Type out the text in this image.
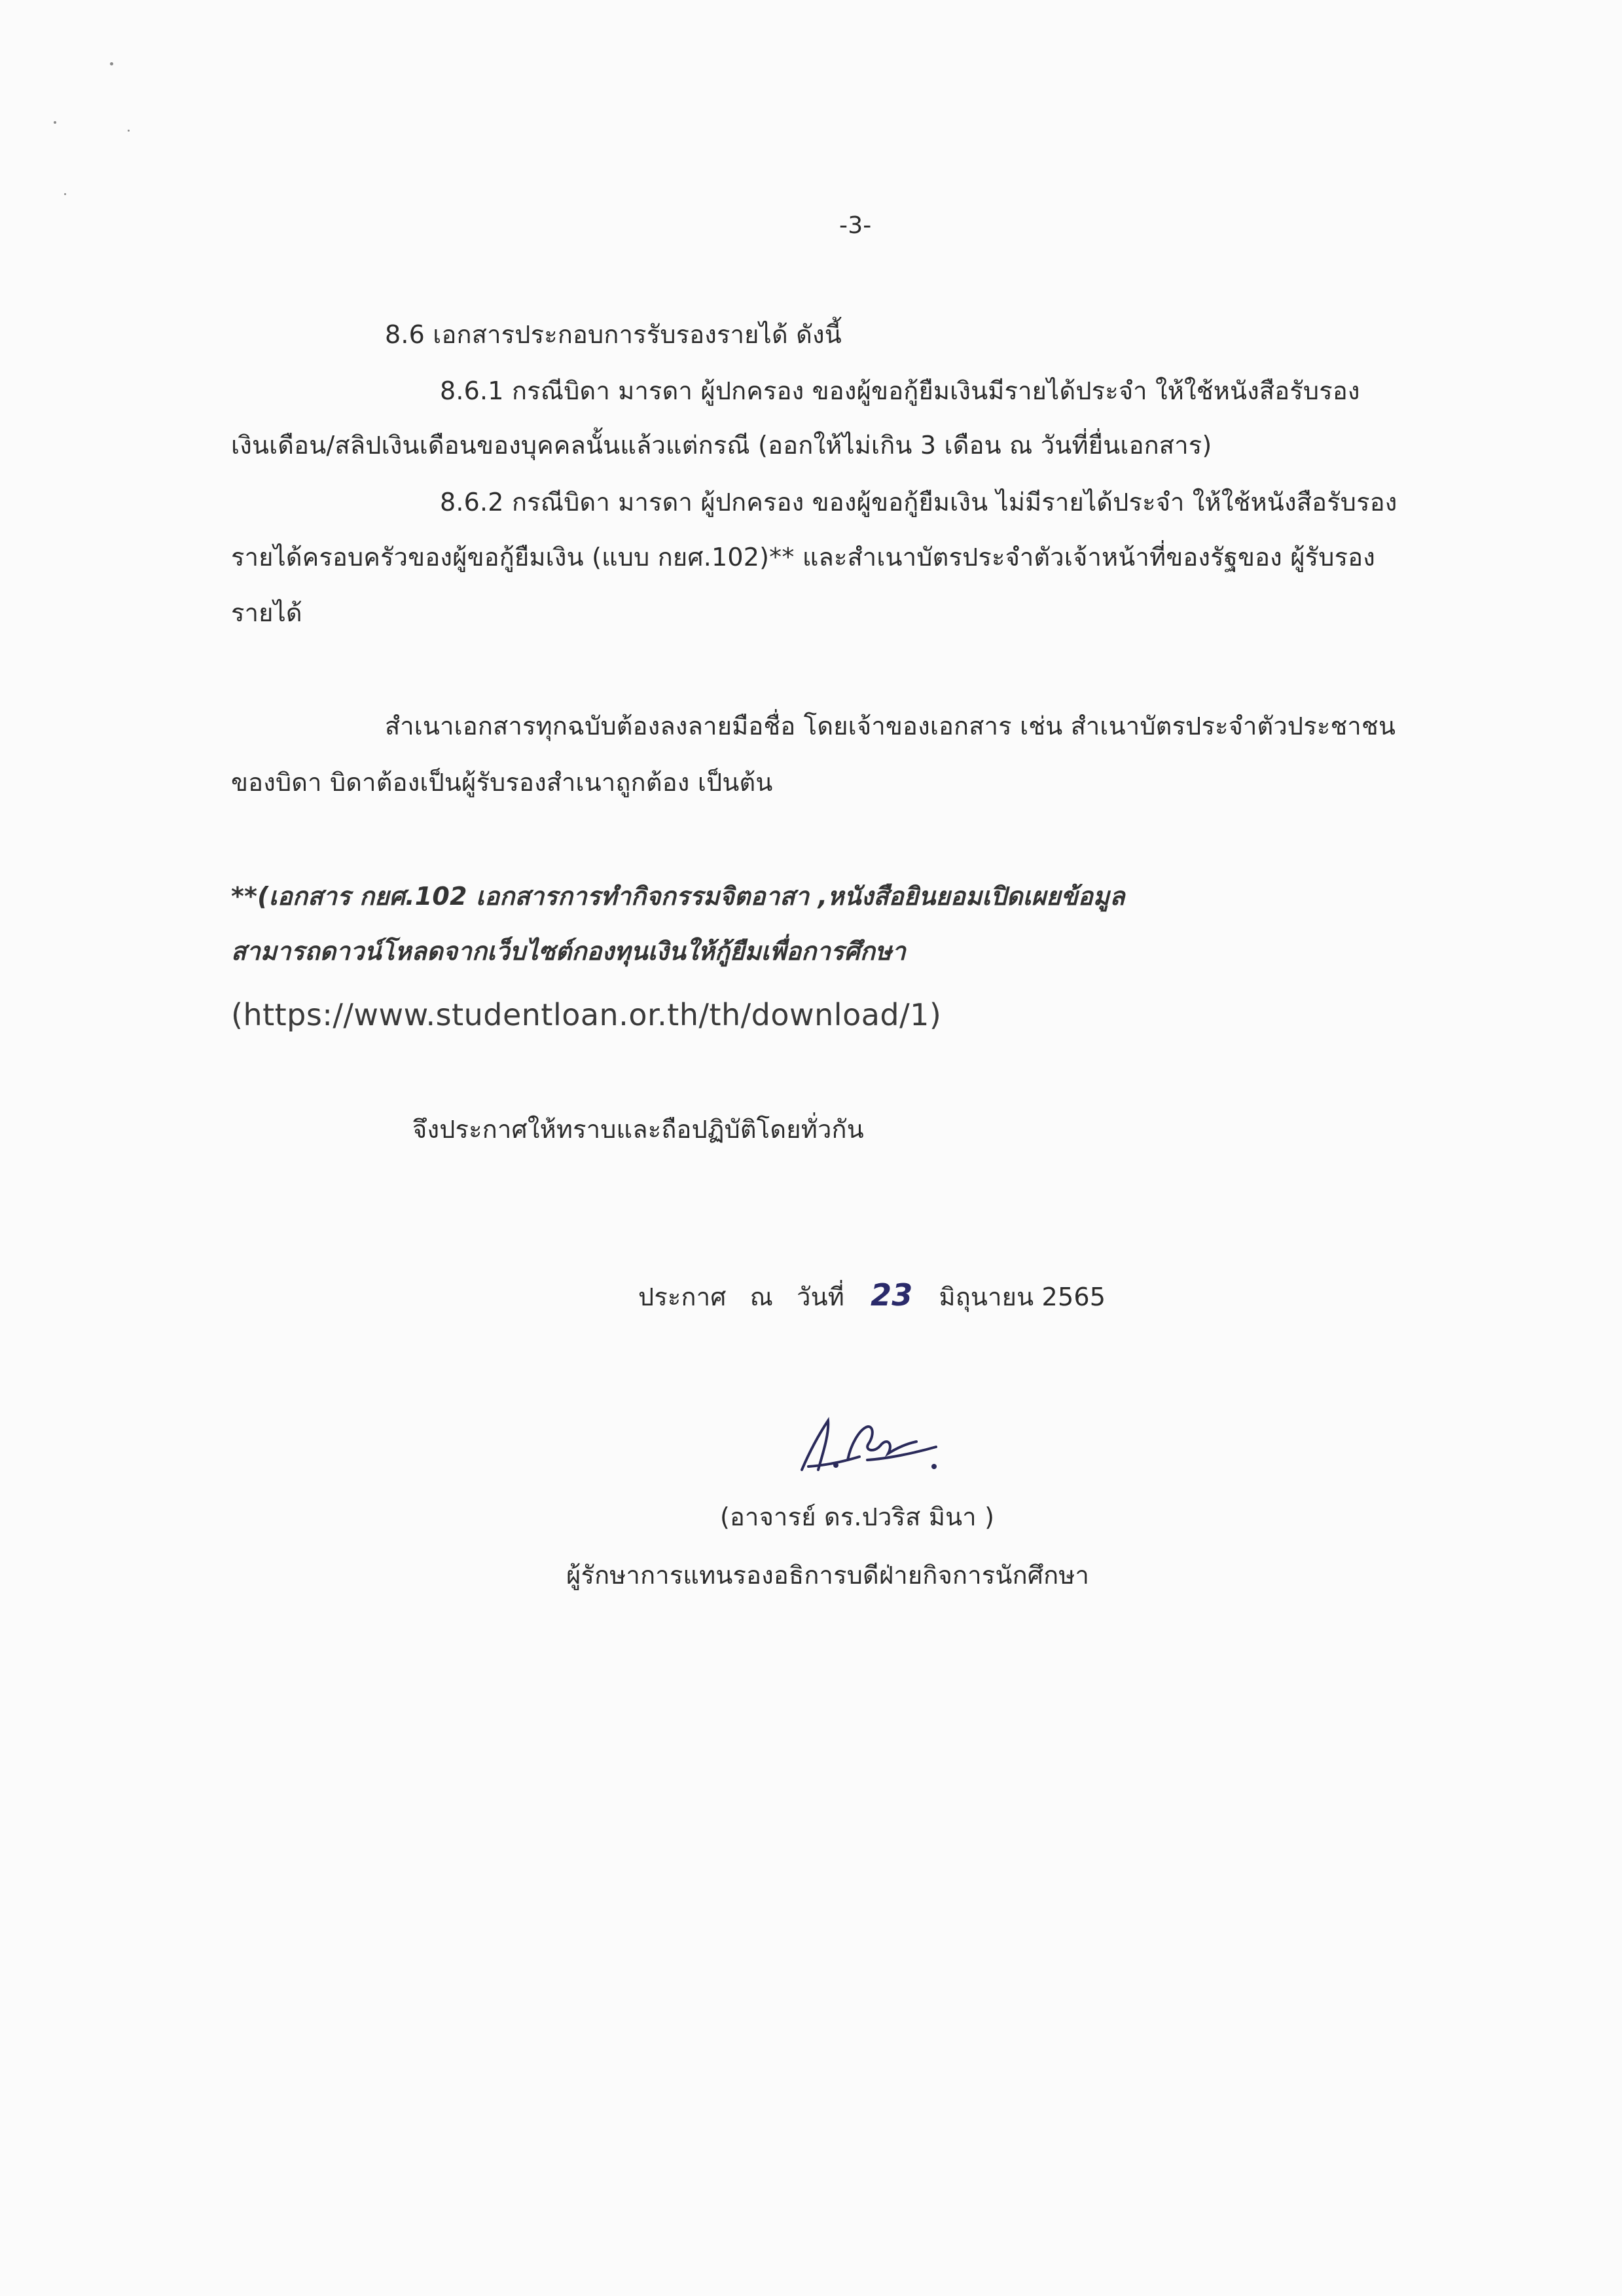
-3-
8.6 เอกสารประกอบการรับรองรายได้ ดังนี้
8.6.1 กรณีบิดา มารดา ผู้ปกครอง ของผู้ขอกู้ยืมเงินมีรายได้ประจำ ให้ใช้หนังสือรับรอง
เงินเดือน/สลิปเงินเดือนของบุคคลนั้นแล้วแต่กรณี (ออกให้ไม่เกิน 3 เดือน ณ วันที่ยื่นเอกสาร)
8.6.2 กรณีบิดา มารดา ผู้ปกครอง ของผู้ขอกู้ยืมเงิน ไม่มีรายได้ประจำ ให้ใช้หนังสือรับรอง
รายได้ครอบครัวของผู้ขอกู้ยืมเงิน (แบบ กยศ.102)** และสำเนาบัตรประจำตัวเจ้าหน้าที่ของรัฐของ ผู้รับรอง
รายได้
สำเนาเอกสารทุกฉบับต้องลงลายมือชื่อ โดยเจ้าของเอกสาร เช่น สำเนาบัตรประจำตัวประชาชน
ของบิดา บิดาต้องเป็นผู้รับรองสำเนาถูกต้อง เป็นต้น
**(เอกสาร กยศ.102 เอกสารการทำกิจกรรมจิตอาสา ,หนังสือยินยอมเปิดเผยข้อมูล
สามารถดาวน์โหลดจากเว็บไซต์กองทุนเงินให้กู้ยืมเพื่อการศึกษา
(https://www.studentloan.or.th/th/download/1)
จึงประกาศให้ทราบและถือปฏิบัติโดยทั่วกัน
ประกาศ ณ วันที่ 23 มิถุนายน 2565
(อาจารย์ ดร.ปวริส มินา )
ผู้รักษาการแทนรองอธิการบดีฝ่ายกิจการนักศึกษา
